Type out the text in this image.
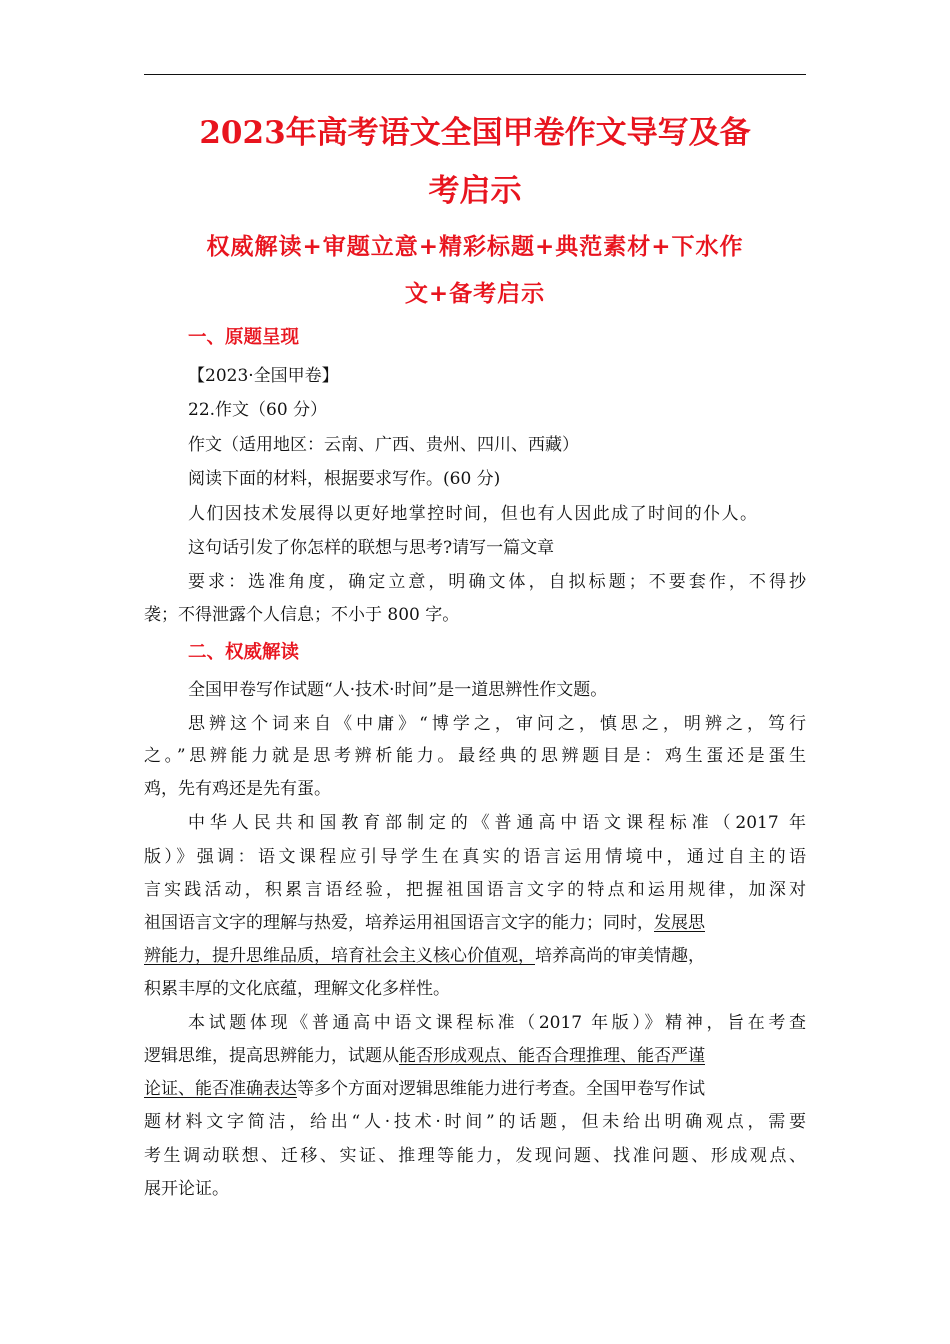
2023年高考语文全国甲卷作文导写及备
考启示
权威解读+审题立意+精彩标题+典范素材+下水作
文+备考启示
一、原题呈现
【2023·全国甲卷】
22.作文（60 分）
作文（适用地区：云南、广西、贵州、四川、西藏）
阅读下面的材料，根据要求写作。(60 分)
人们因技术发展得以更好地掌控时间，但也有人因此成了时间的仆人。
这句话引发了你怎样的联想与思考?请写一篇文章
要求：选准角度，确定立意，明确文体，自拟标题；不要套作，不得抄
袭；不得泄露个人信息；不小于 800 字。
二、权威解读
全国甲卷写作试题“人·技术·时间”是一道思辨性作文题。
思辨这个词来自《中庸》“博学之，审问之，慎思之，明辨之，笃行
之。”思辨能力就是思考辨析能力。最经典的思辨题目是：鸡生蛋还是蛋生
鸡，先有鸡还是先有蛋。
中华人民共和国教育部制定的《普通高中语文课程标准（2017 年
版）》强调：语文课程应引导学生在真实的语言运用情境中，通过自主的语
言实践活动，积累言语经验，把握祖国语言文字的特点和运用规律，加深对
祖国语言文字的理解与热爱，培养运用祖国语言文字的能力；同时，发展思
辨能力，提升思维品质，培育社会主义核心价值观，培养高尚的审美情趣，
积累丰厚的文化底蕴，理解文化多样性。
本试题体现《普通高中语文课程标准（2017 年版）》精神，旨在考查
逻辑思维，提高思辨能力，试题从能否形成观点、能否合理推理、能否严谨
论证、能否准确表达等多个方面对逻辑思维能力进行考查。全国甲卷写作试
题材料文字简洁，给出“人·技术·时间”的话题，但未给出明确观点，需要
考生调动联想、迁移、实证、推理等能力，发现问题、找准问题、形成观点、
展开论证。
